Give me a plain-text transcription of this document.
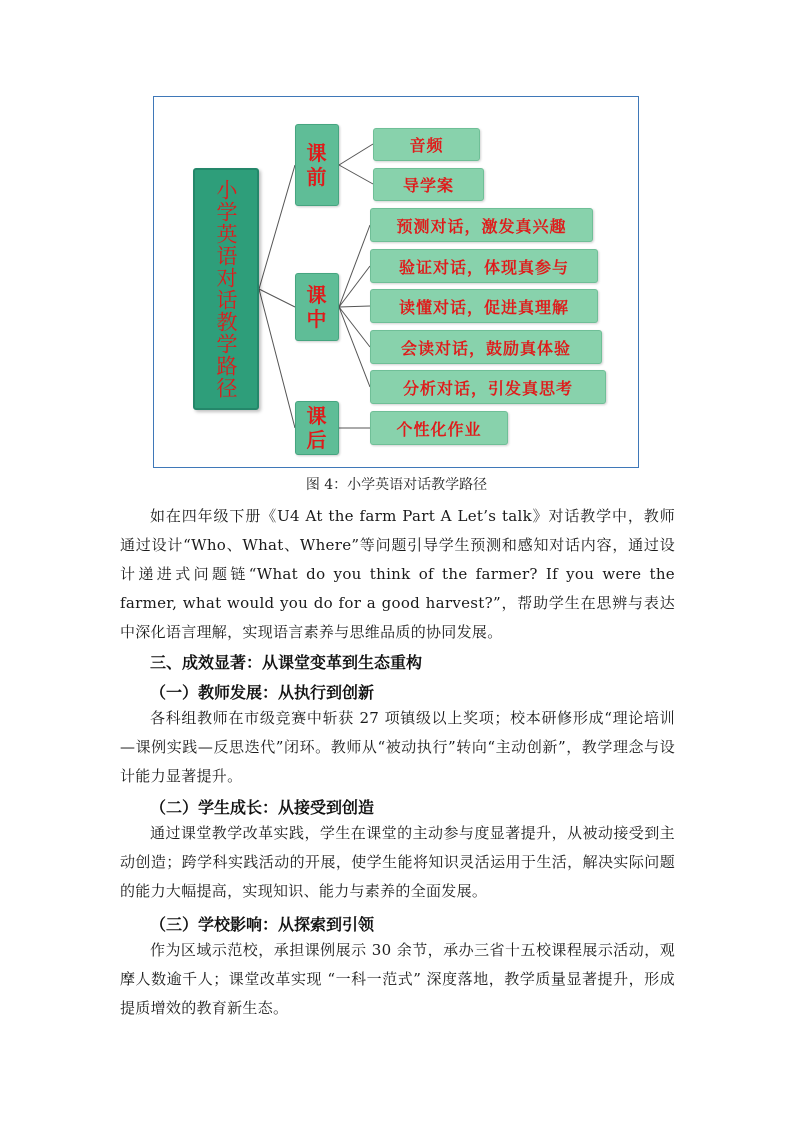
小学英语对话教学路径
课
前
课
中
课
后
音频
导学案
预测对话，激发真兴趣
验证对话，体现真参与
读懂对话，促进真理解
会读对话，鼓励真体验
分析对话，引发真思考
个性化作业
图 4：小学英语对话教学路径

如在四年级下册《U4 At the farm Part A Let’s talk》对话教学中，教师通过设计“Who、What、Where”等问题引导学生预测和感知对话内容，通过设计递进式问题链“What do you think of the farmer? If you were the farmer, what would you do for a good harvest?”，帮助学生在思辨与表达中深化语言理解，实现语言素养与思维品质的协同发展。

三、成效显著：从课堂变革到生态重构

（一）教师发展：从执行到创新

各科组教师在市级竞赛中斩获 27 项镇级以上奖项；校本研修形成“理论培训—课例实践—反思迭代”闭环。教师从“被动执行”转向“主动创新”，教学理念与设计能力显著提升。

（二）学生成长：从接受到创造

通过课堂教学改革实践，学生在课堂的主动参与度显著提升，从被动接受到主动创造；跨学科实践活动的开展，使学生能将知识灵活运用于生活，解决实际问题的能力大幅提高，实现知识、能力与素养的全面发展。

（三）学校影响：从探索到引领

作为区域示范校，承担课例展示 30 余节，承办三省十五校课程展示活动，观摩人数逾千人；课堂改革实现 “一科一范式” 深度落地，教学质量显著提升，形成提质增效的教育新生态。
